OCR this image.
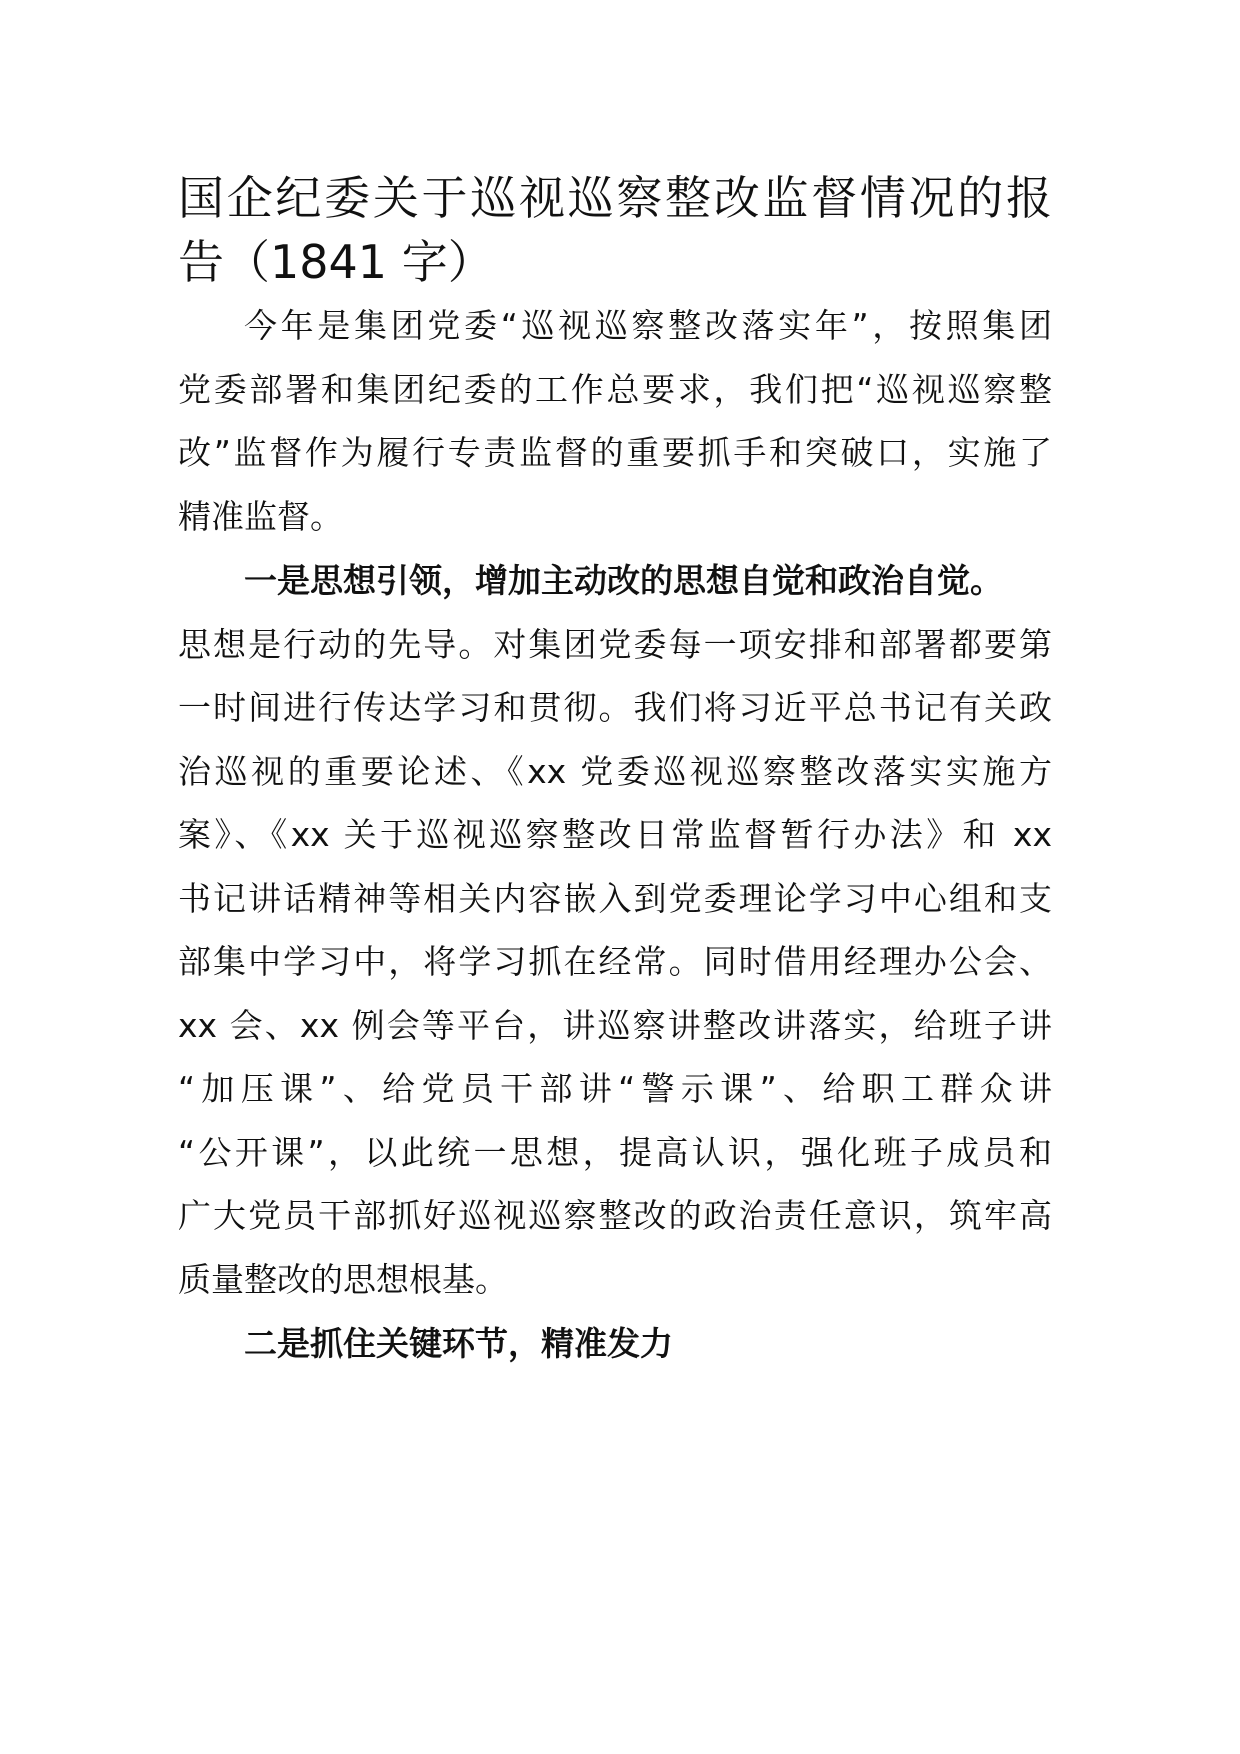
国企纪委关于巡视巡察整改监督情况的报
告（1841 字）
今年是集团党委“巡视巡察整改落实年”，按照集团
党委部署和集团纪委的工作总要求，我们把“巡视巡察整
改”监督作为履行专责监督的重要抓手和突破口，实施了
精准监督。
一是思想引领，增加主动改的思想自觉和政治自觉。
思想是行动的先导。对集团党委每一项安排和部署都要第
一时间进行传达学习和贯彻。我们将习近平总书记有关政
治巡视的重要论述、《xx 党委巡视巡察整改落实实施方
案》、《xx 关于巡视巡察整改日常监督暂行办法》和 xx
书记讲话精神等相关内容嵌入到党委理论学习中心组和支
部集中学习中，将学习抓在经常。同时借用经理办公会、
xx 会、xx 例会等平台，讲巡察讲整改讲落实，给班子讲
“加压课”、给党员干部讲“警示课”、给职工群众讲
“公开课”，以此统一思想，提高认识，强化班子成员和
广大党员干部抓好巡视巡察整改的政治责任意识，筑牢高
质量整改的思想根基。
二是抓住关键环节，精准发力
